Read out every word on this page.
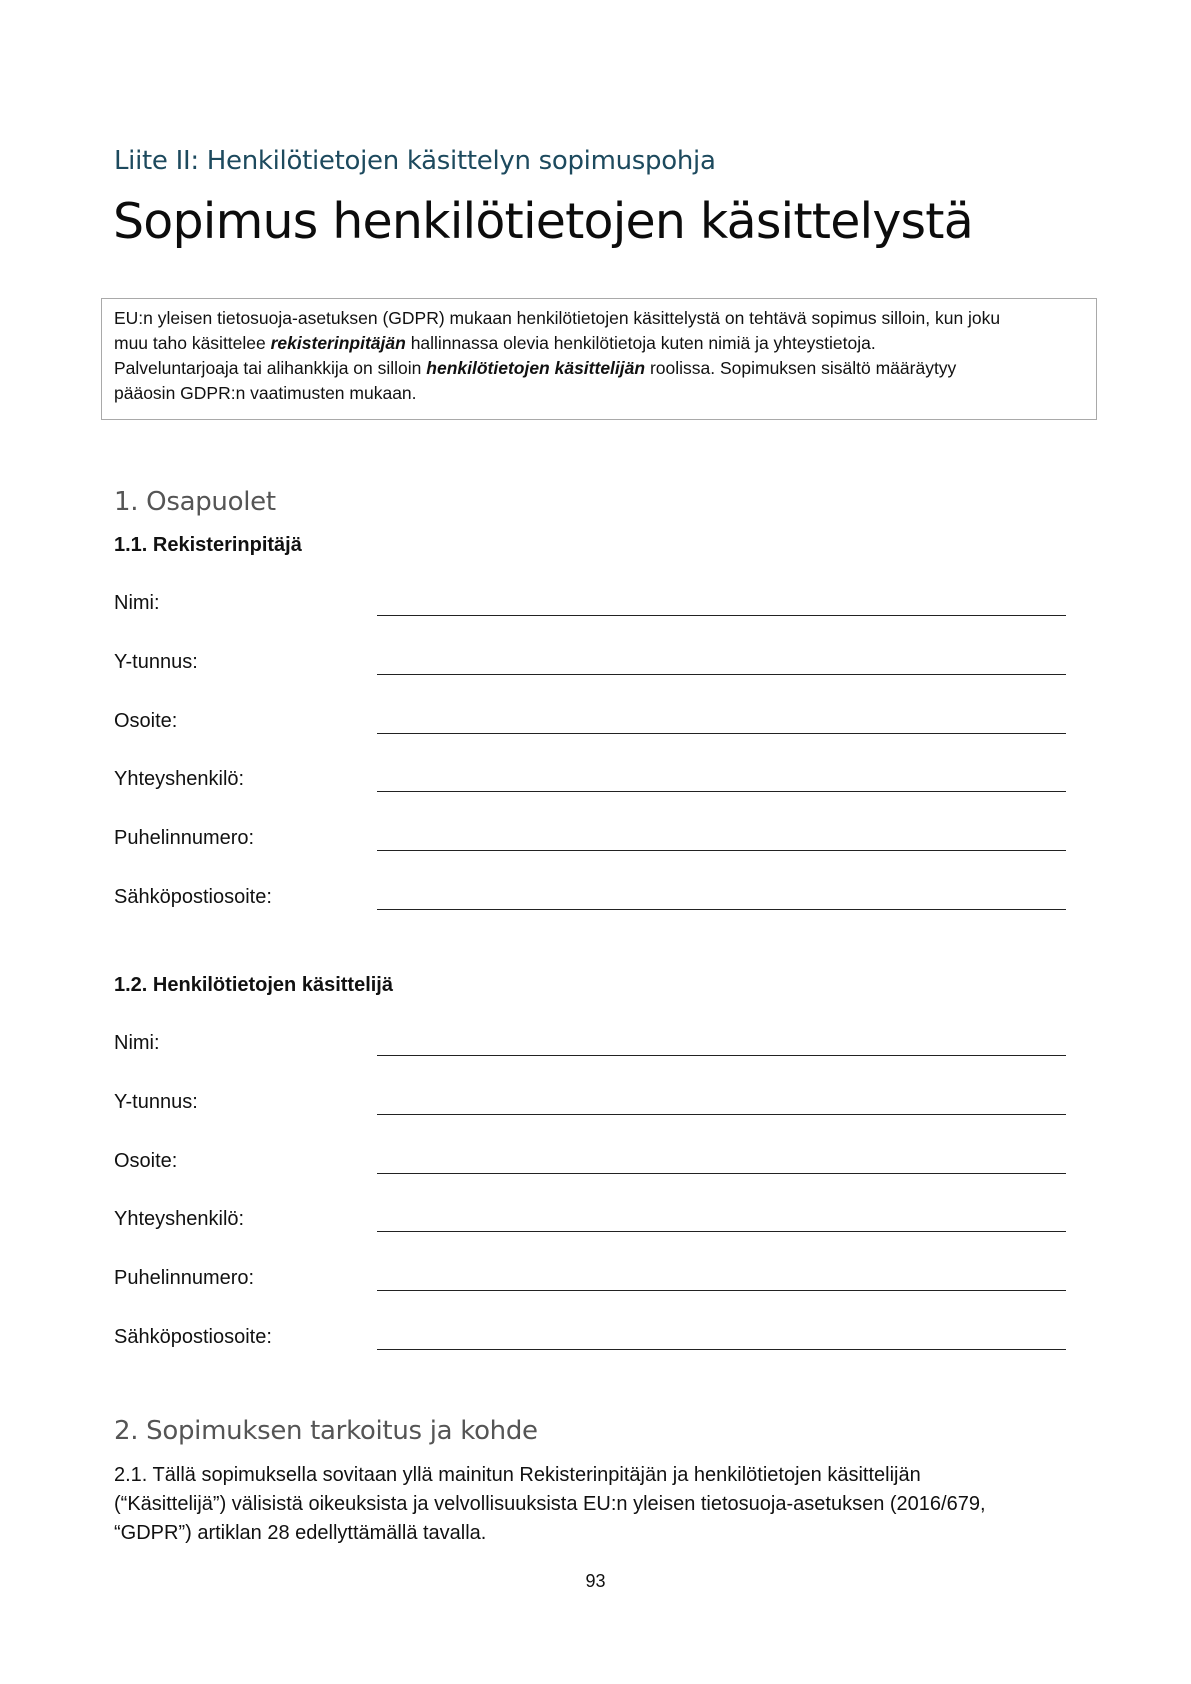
Liite II: Henkilötietojen käsittelyn sopimuspohja
Sopimus henkilötietojen käsittelystä
EU:n yleisen tietosuoja-asetuksen (GDPR) mukaan henkilötietojen käsittelystä on tehtävä sopimus silloin, kun joku
muu taho käsittelee rekisterinpitäjän hallinnassa olevia henkilötietoja kuten nimiä ja yhteystietoja.
Palveluntarjoaja tai alihankkija on silloin henkilötietojen käsittelijän roolissa. Sopimuksen sisältö määräytyy
pääosin GDPR:n vaatimusten mukaan.
1. Osapuolet
1.1. Rekisterinpitäjä
Nimi:
Y-tunnus:
Osoite:
Yhteyshenkilö:
Puhelinnumero:
Sähköpostiosoite:
1.2. Henkilötietojen käsittelijä
Nimi:
Y-tunnus:
Osoite:
Yhteyshenkilö:
Puhelinnumero:
Sähköpostiosoite:
2. Sopimuksen tarkoitus ja kohde
2.1. Tällä sopimuksella sovitaan yllä mainitun Rekisterinpitäjän ja henkilötietojen käsittelijän
(“Käsittelijä”) välisistä oikeuksista ja velvollisuuksista EU:n yleisen tietosuoja-asetuksen (2016/679,
“GDPR”) artiklan 28 edellyttämällä tavalla.
93
